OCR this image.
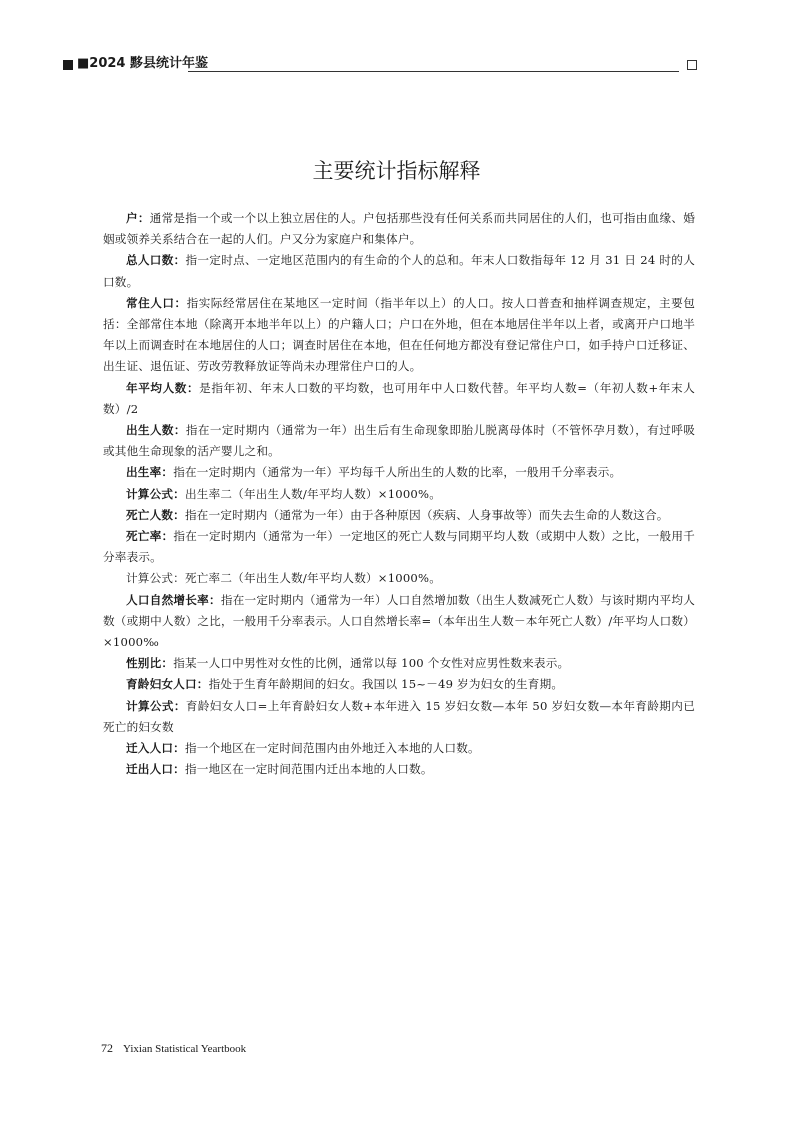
■2024 黟县统计年鉴
主要统计指标解释

户：通常是指一个或一个以上独立居住的人。户包括那些没有任何关系而共同居住的人们，也可指由血缘、婚姻或领养关系结合在一起的人们。户又分为家庭户和集体户。

总人口数：指一定时点、一定地区范围内的有生命的个人的总和。年末人口数指每年 12 月 31 日 24 时的人口数。

常住人口：指实际经常居住在某地区一定时间（指半年以上）的人口。按人口普查和抽样调查规定，主要包括：全部常住本地（除离开本地半年以上）的户籍人口；户口在外地，但在本地居住半年以上者，或离开户口地半年以上而调查时在本地居住的人口；调查时居住在本地，但在任何地方都没有登记常住户口，如手持户口迁移证、出生证、退伍证、劳改劳教释放证等尚未办理常住户口的人。

年平均人数：是指年初、年末人口数的平均数，也可用年中人口数代替。年平均人数=（年初人数+年末人数）/2

出生人数：指在一定时期内（通常为一年）出生后有生命现象即胎儿脱离母体时（不管怀孕月数），有过呼吸或其他生命现象的活产婴儿之和。

出生率：指在一定时期内（通常为一年）平均每千人所出生的人数的比率，一般用千分率表示。

计算公式：出生率二（年出生人数/年平均人数）×1000%。

死亡人数：指在一定时期内（通常为一年）由于各种原因（疾病、人身事故等）而失去生命的人数这合。

死亡率：指在一定时期内（通常为一年）一定地区的死亡人数与同期平均人数（或期中人数）之比，一般用千分率表示。

计算公式：死亡率二（年出生人数/年平均人数）×1000%。

人口自然增长率：指在一定时期内（通常为一年）人口自然增加数（出生人数减死亡人数）与该时期内平均人数（或期中人数）之比，一般用千分率表示。人口自然增长率=（本年出生人数－本年死亡人数）/年平均人口数）×1000‰

性别比：指某一人口中男性对女性的比例，通常以每 100 个女性对应男性数来表示。

育龄妇女人口：指处于生育年龄期间的妇女。我国以 15~－49 岁为妇女的生育期。

计算公式：育龄妇女人口=上年育龄妇女人数+本年进入 15 岁妇女数—本年 50 岁妇女数—本年育龄期内已死亡的妇女数

迁入人口：指一个地区在一定时间范围内由外地迁入本地的人口数。

迁出人口：指一地区在一定时间范围内迁出本地的人口数。

72 Yixian Statistical Yeartbook
